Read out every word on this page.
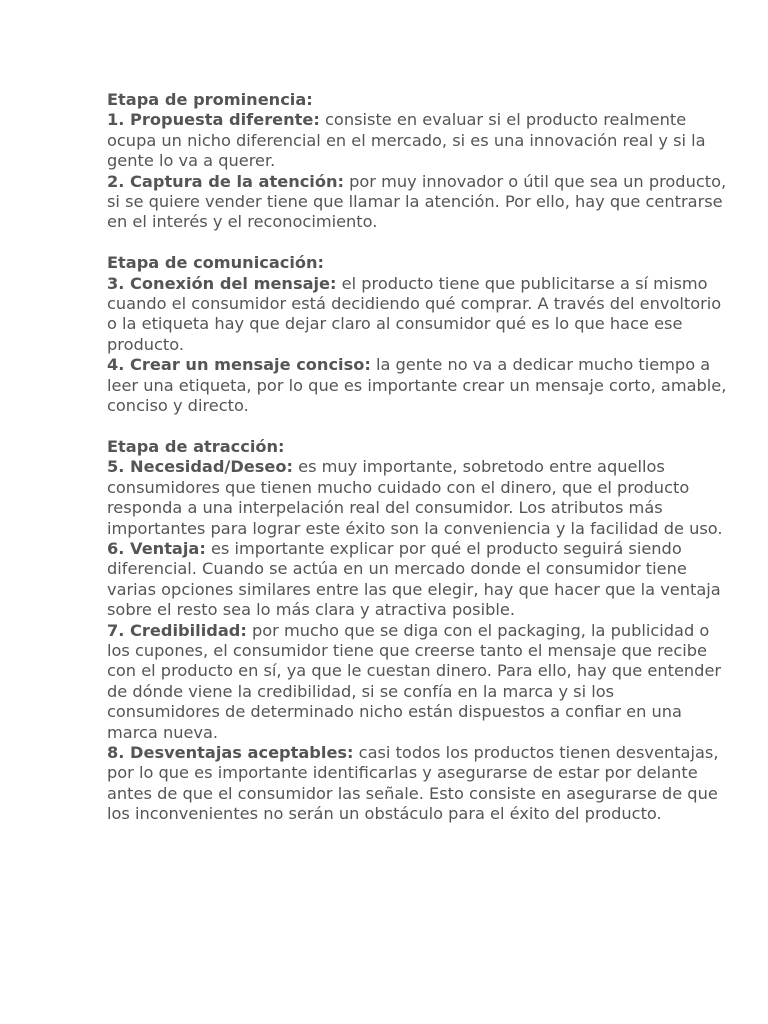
Etapa de prominencia:
1. Propuesta diferente: consiste en evaluar si el producto realmente ocupa un nicho diferencial en el mercado, si es una innovación real y si la gente lo va a querer.
2. Captura de la atención: por muy innovador o útil que sea un producto, si se quiere vender tiene que llamar la atención. Por ello, hay que centrarse en el interés y el reconocimiento.
Etapa de comunicación:
3. Conexión del mensaje: el producto tiene que publicitarse a sí mismo cuando el consumidor está decidiendo qué comprar. A través del envoltorio o la etiqueta hay que dejar claro al consumidor qué es lo que hace ese producto.
4. Crear un mensaje conciso: la gente no va a dedicar mucho tiempo a leer una etiqueta, por lo que es importante crear un mensaje corto, amable, conciso y directo.
Etapa de atracción:
5. Necesidad/Deseo: es muy importante, sobretodo entre aquellos consumidores que tienen mucho cuidado con el dinero, que el producto responda a una interpelación real del consumidor. Los atributos más importantes para lograr este éxito son la conveniencia y la facilidad de uso.
6. Ventaja: es importante explicar por qué el producto seguirá siendo diferencial. Cuando se actúa en un mercado donde el consumidor tiene varias opciones similares entre las que elegir, hay que hacer que la ventaja sobre el resto sea lo más clara y atractiva posible.
7. Credibilidad: por mucho que se diga con el packaging, la publicidad o los cupones, el consumidor tiene que creerse tanto el mensaje que recibe con el producto en sí, ya que le cuestan dinero. Para ello, hay que entender de dónde viene la credibilidad, si se confía en la marca y si los consumidores de determinado nicho están dispuestos a confiar en una marca nueva.
8. Desventajas aceptables: casi todos los productos tienen desventajas, por lo que es importante identificarlas y asegurarse de estar por delante antes de que el consumidor las señale. Esto consiste en asegurarse de que los inconvenientes no serán un obstáculo para el éxito del producto.
